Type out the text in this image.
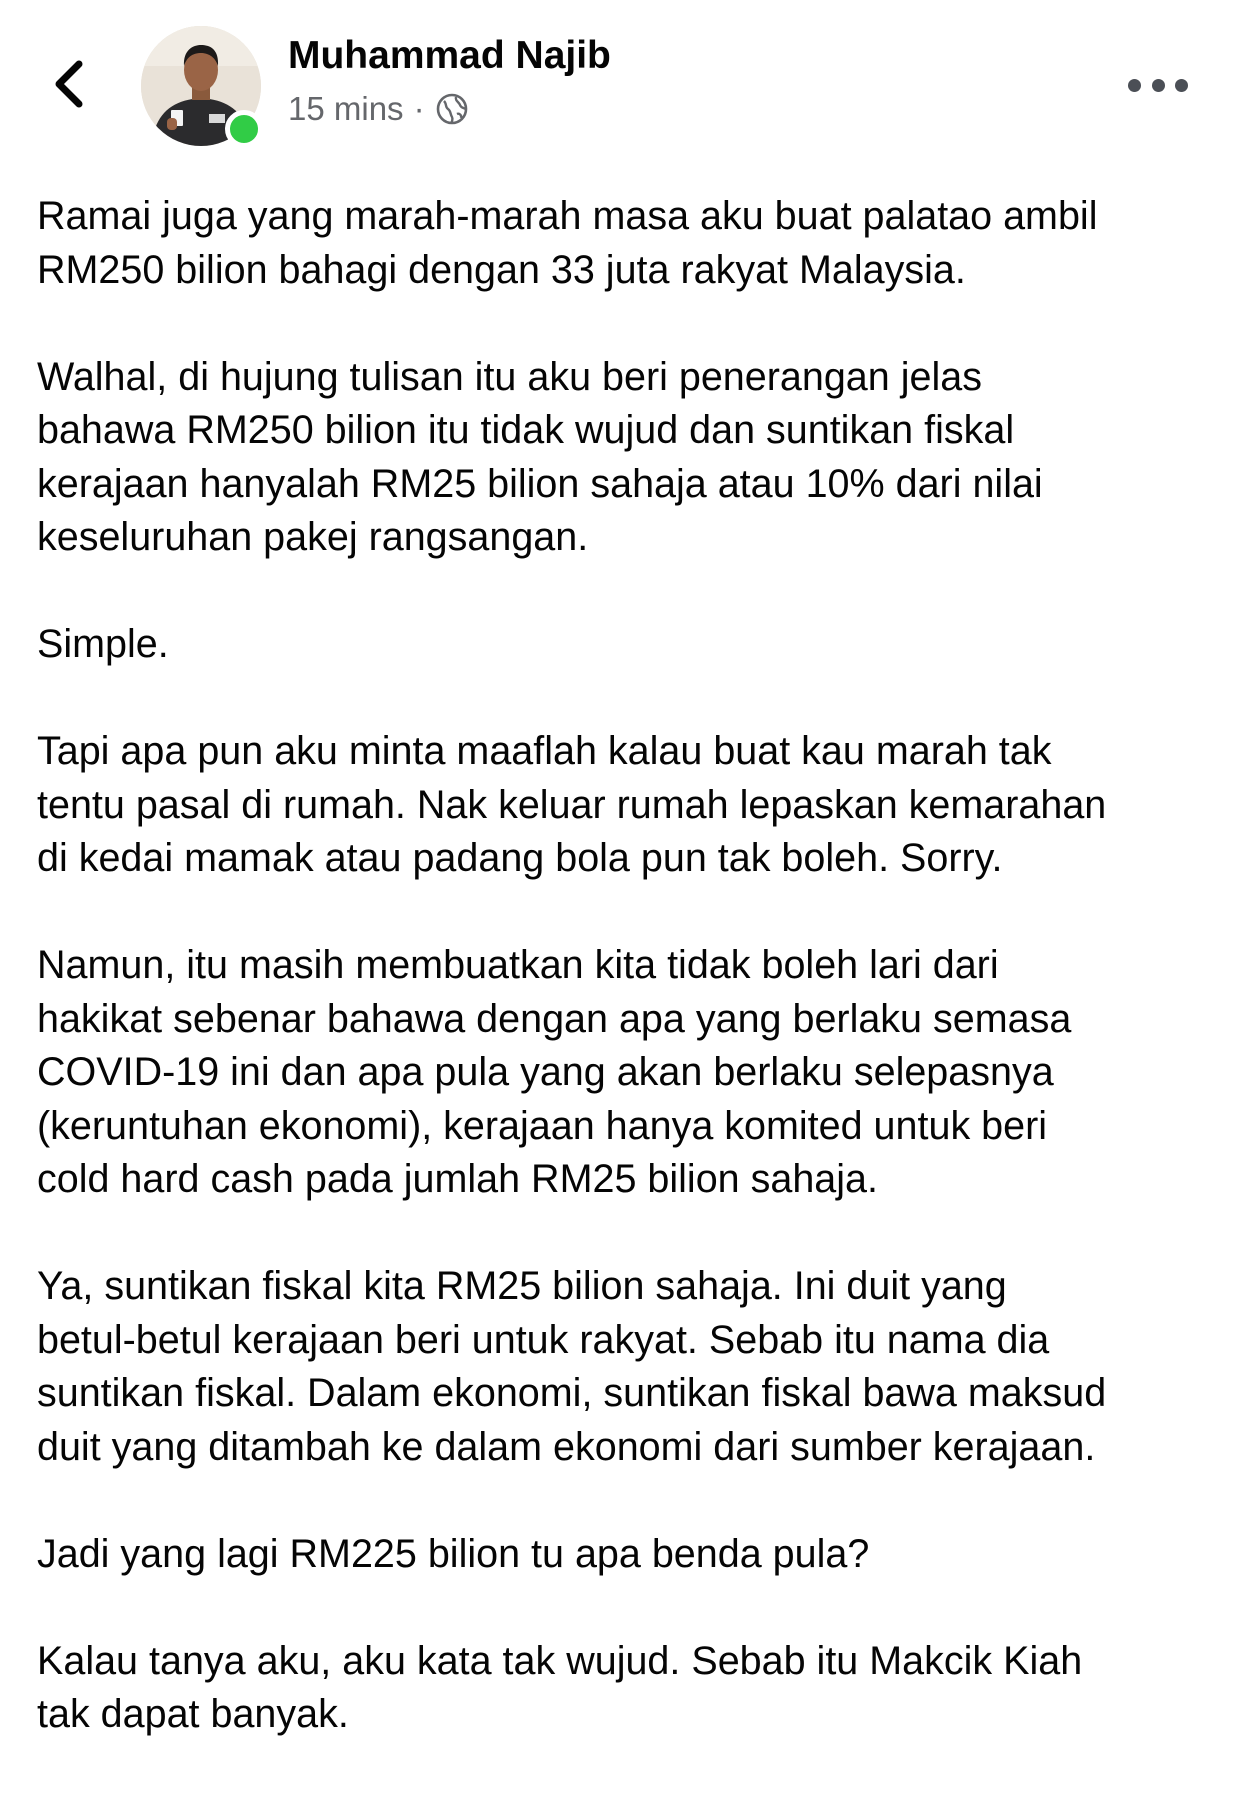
Muhammad Najib
15 mins ·

Ramai juga yang marah-marah masa aku buat palatao ambil
RM250 bilion bahagi dengan 33 juta rakyat Malaysia.

Walhal, di hujung tulisan itu aku beri penerangan jelas
bahawa RM250 bilion itu tidak wujud dan suntikan fiskal
kerajaan hanyalah RM25 bilion sahaja atau 10% dari nilai
keseluruhan pakej rangsangan.

Simple.

Tapi apa pun aku minta maaflah kalau buat kau marah tak
tentu pasal di rumah. Nak keluar rumah lepaskan kemarahan
di kedai mamak atau padang bola pun tak boleh. Sorry.

Namun, itu masih membuatkan kita tidak boleh lari dari
hakikat sebenar bahawa dengan apa yang berlaku semasa
COVID-19 ini dan apa pula yang akan berlaku selepasnya
(keruntuhan ekonomi), kerajaan hanya komited untuk beri
cold hard cash pada jumlah RM25 bilion sahaja.

Ya, suntikan fiskal kita RM25 bilion sahaja. Ini duit yang
betul-betul kerajaan beri untuk rakyat. Sebab itu nama dia
suntikan fiskal. Dalam ekonomi, suntikan fiskal bawa maksud
duit yang ditambah ke dalam ekonomi dari sumber kerajaan.

Jadi yang lagi RM225 bilion tu apa benda pula?

Kalau tanya aku, aku kata tak wujud. Sebab itu Makcik Kiah
tak dapat banyak.
